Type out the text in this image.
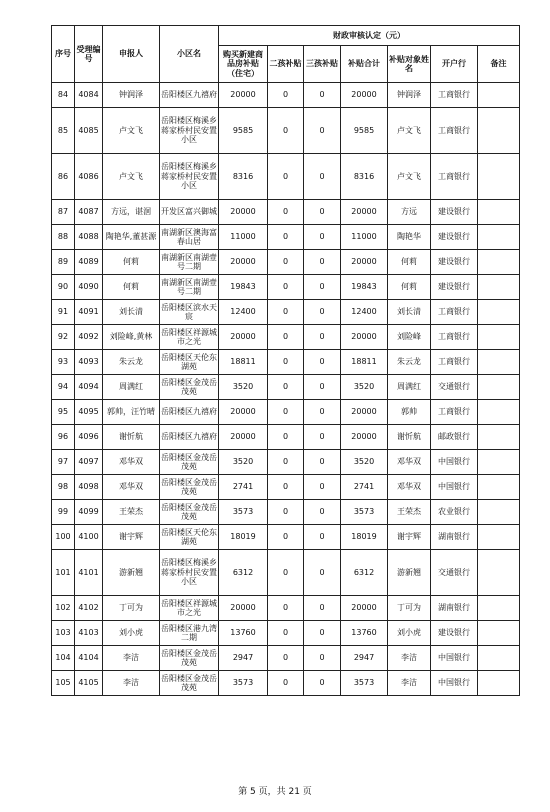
序号	受理编号	申报人	小区名	财政审核认定（元）						
				购买新建商品房补贴（住宅）	二孩补贴	三孩补贴	补贴合计	补贴对象姓名	开户行	备注
84	4084	钟润泽	岳阳楼区九禧府	20000	0	0	20000	钟润泽	工商银行	
85	4085	卢文飞	岳阳楼区梅溪乡蒋家桥村民安置小区	9585	0	0	9585	卢文飞	工商银行	
86	4086	卢文飞	岳阳楼区梅溪乡蒋家桥村民安置小区	8316	0	0	8316	卢文飞	工商银行	
87	4087	方远，谌洄	开发区富兴御城	20000	0	0	20000	方远	建设银行	
88	4088	陶艳华,董甚源	南湖新区澳海富春山居	11000	0	0	11000	陶艳华	建设银行	
89	4089	何莉	南湖新区南湖壹号二期	20000	0	0	20000	何莉	建设银行	
90	4090	何莉	南湖新区南湖壹号二期	19843	0	0	19843	何莉	建设银行	
91	4091	刘长清	岳阳楼区滨水天宸	12400	0	0	12400	刘长清	工商银行	
92	4092	刘险峰,黄林	岳阳楼区祥源城市之光	20000	0	0	20000	刘险峰	工商银行	
93	4093	朱云龙	岳阳楼区天伦东湖苑	18811	0	0	18811	朱云龙	工商银行	
94	4094	周满红	岳阳楼区金茂岳茂苑	3520	0	0	3520	周满红	交通银行	
95	4095	郭帅，汪竹晴	岳阳楼区九禧府	20000	0	0	20000	郭帅	工商银行	
96	4096	谢忻航	岳阳楼区九禧府	20000	0	0	20000	谢忻航	邮政银行	
97	4097	邓华双	岳阳楼区金茂岳茂苑	3520	0	0	3520	邓华双	中国银行	
98	4098	邓华双	岳阳楼区金茂岳茂苑	2741	0	0	2741	邓华双	中国银行	
99	4099	王荣杰	岳阳楼区金茂岳茂苑	3573	0	0	3573	王荣杰	农业银行	
100	4100	谢宇辉	岳阳楼区天伦东湖苑	18019	0	0	18019	谢宇辉	湖南银行	
101	4101	游新翘	岳阳楼区梅溪乡蒋家桥村民安置小区	6312	0	0	6312	游新翘	交通银行	
102	4102	丁可为	岳阳楼区祥源城市之光	20000	0	0	20000	丁可为	湖南银行	
103	4103	刘小虎	岳阳楼区港九湾二期	13760	0	0	13760	刘小虎	建设银行	
104	4104	李洁	岳阳楼区金茂岳茂苑	2947	0	0	2947	李洁	中国银行	
105	4105	李洁	岳阳楼区金茂岳茂苑	3573	0	0	3573	李洁	中国银行	
第 5 页，共 21 页
